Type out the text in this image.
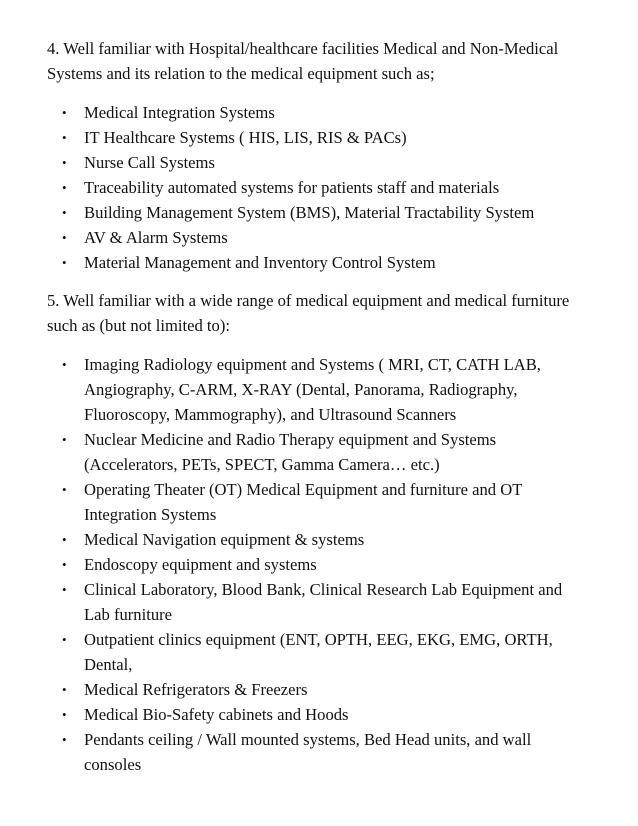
4. Well familiar with Hospital/healthcare facilities Medical and Non-Medical
Systems and its relation to the medical equipment such as;

• Medical Integration Systems
• IT Healthcare Systems ( HIS, LIS, RIS & PACs)
• Nurse Call Systems
• Traceability automated systems for patients staff and materials
• Building Management System (BMS), Material Tractability System
• AV & Alarm Systems
• Material Management and Inventory Control System

5. Well familiar with a wide range of medical equipment and medical furniture
such as (but not limited to):

• Imaging Radiology equipment and Systems ( MRI, CT, CATH LAB,
Angiography, C-ARM, X-RAY (Dental, Panorama, Radiography,
Fluoroscopy, Mammography), and Ultrasound Scanners
• Nuclear Medicine and Radio Therapy equipment and Systems
(Accelerators, PETs, SPECT, Gamma Camera… etc.)
• Operating Theater (OT) Medical Equipment and furniture and OT
Integration Systems
• Medical Navigation equipment & systems
• Endoscopy equipment and systems
• Clinical Laboratory, Blood Bank, Clinical Research Lab Equipment and
Lab furniture
• Outpatient clinics equipment (ENT, OPTH, EEG, EKG, EMG, ORTH,
Dental,
• Medical Refrigerators & Freezers
• Medical Bio-Safety cabinets and Hoods
• Pendants ceiling / Wall mounted systems, Bed Head units, and wall
consoles
